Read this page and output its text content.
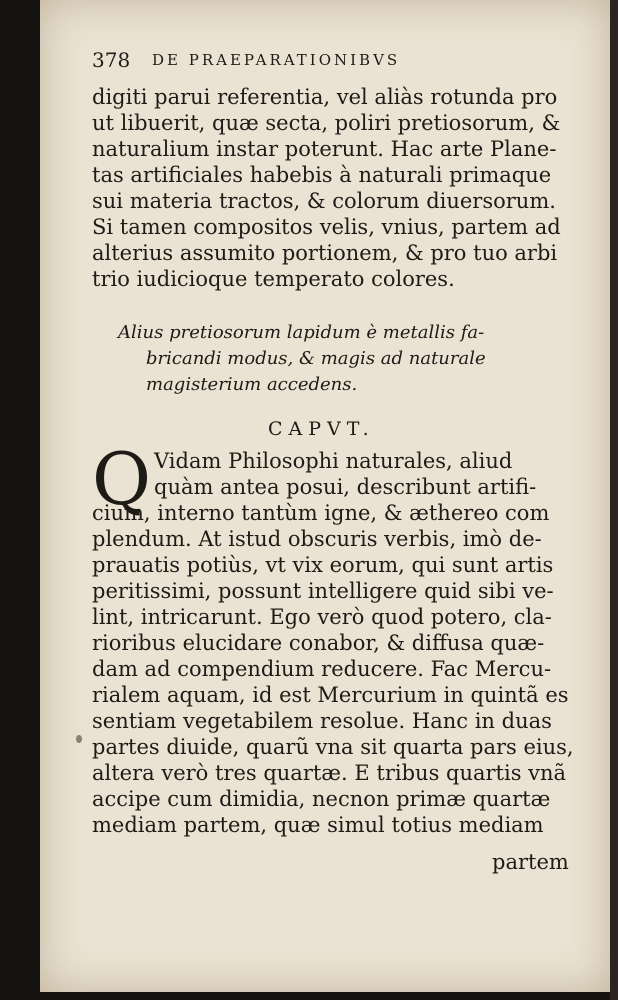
378 DE PRAEPARATIONIBVS
digiti parui referentia, vel aliàs rotunda pro
ut libuerit, quæ secta, poliri pretiosorum, &
naturalium instar poterunt. Hac arte Plane-
tas artificiales habebis à naturali primaque
sui materia tractos, & colorum diuersorum.
Si tamen compositos velis, vnius, partem ad
alterius assumito portionem, & pro tuo arbi
trio iudicioque temperato colores.
Alius pretiosorum lapidum è metallis fa-
bricandi modus, & magis ad naturale
magisterium accedens.
CAPVT.
Q Vidam Philosophi naturales, aliud
quàm antea posui, describunt artifi-
cium, interno tantùm igne, & æthereo com
plendum. At istud obscuris verbis, imò de-
prauatis potiùs, vt vix eorum, qui sunt artis
peritissimi, possunt intelligere quid sibi ve-
lint, intricarunt. Ego verò quod potero, cla-
rioribus elucidare conabor, & diffusa quæ-
dam ad compendium reducere. Fac Mercu-
rialem aquam, id est Mercurium in quintã es
sentiam vegetabilem resolue. Hanc in duas
partes diuide, quarũ vna sit quarta pars eius,
altera verò tres quartæ. E tribus quartis vnã
accipe cum dimidia, necnon primæ quartæ
mediam partem, quæ simul totius mediam
partem
